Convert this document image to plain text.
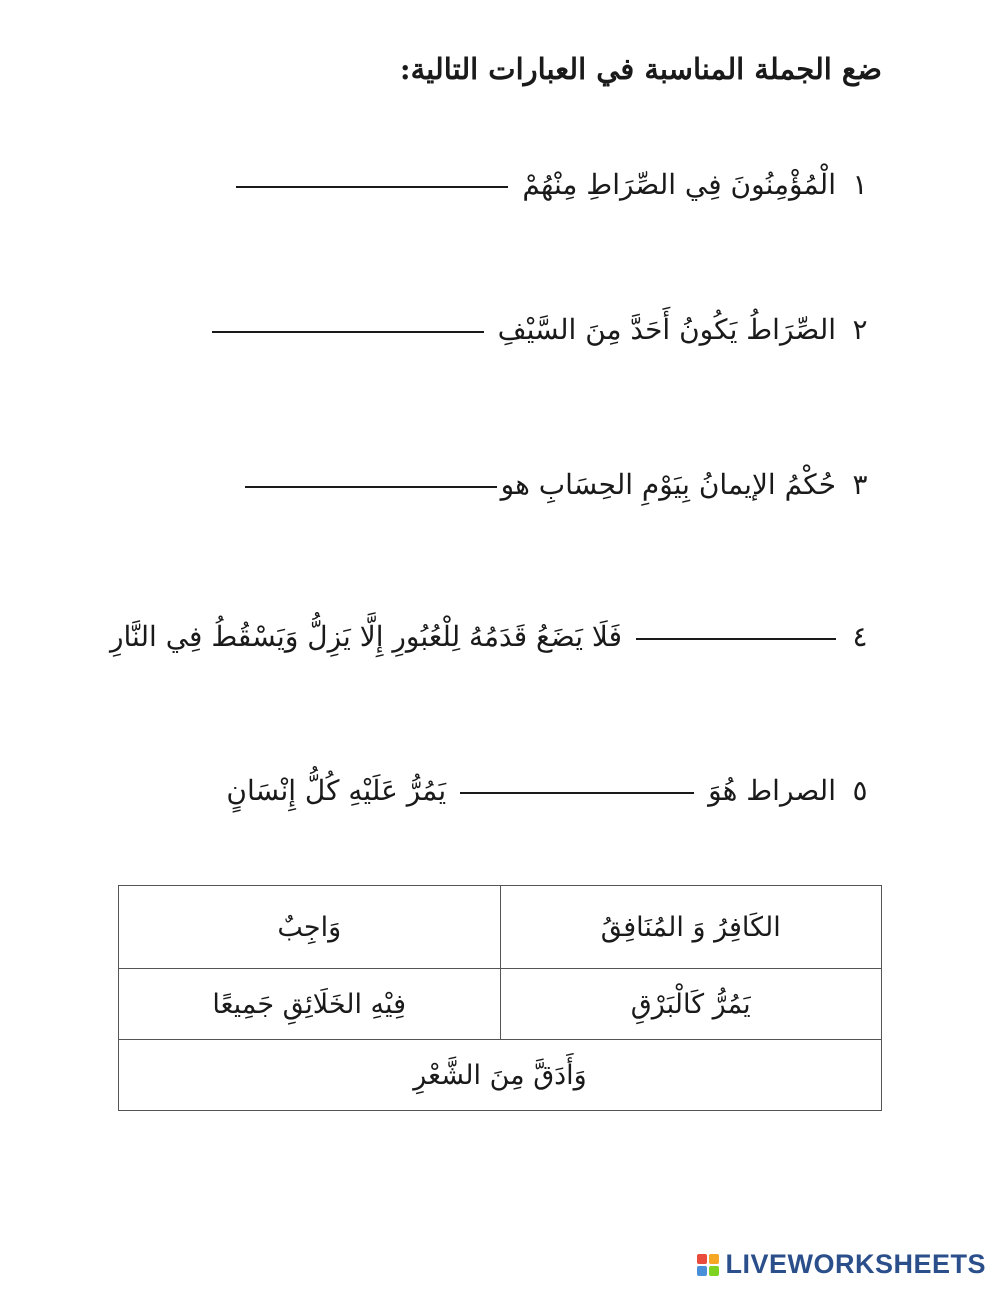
ضع الجملة المناسبة في العبارات التالية:
١
الْمُؤْمِنُونَ فِي الصِّرَاطِ مِنْهُمْ
٢
الصِّرَاطُ يَكُونُ أَحَدَّ مِنَ السَّيْفِ
٣
حُكْمُ الإيمانُ بِيَوْمِ الحِسَابِ هو
٤
فَلَا يَضَعُ قَدَمُهُ لِلْعُبُورِ إِلَّا يَزِلُّ وَيَسْقُطُ فِي النَّارِ
٥
الصراط هُوَ
يَمُرُّ عَلَيْهِ كُلُّ إِنْسَانٍ
الكَافِرُ وَ المُنَافِقُ	وَاجِبٌ
يَمُرُّ كَالْبَرْقِ	فِيْهِ الخَلَائِقِ جَمِيعًا
وَأَدَقَّ مِنَ الشَّعْرِ	
LIVEWORKSHEETS
